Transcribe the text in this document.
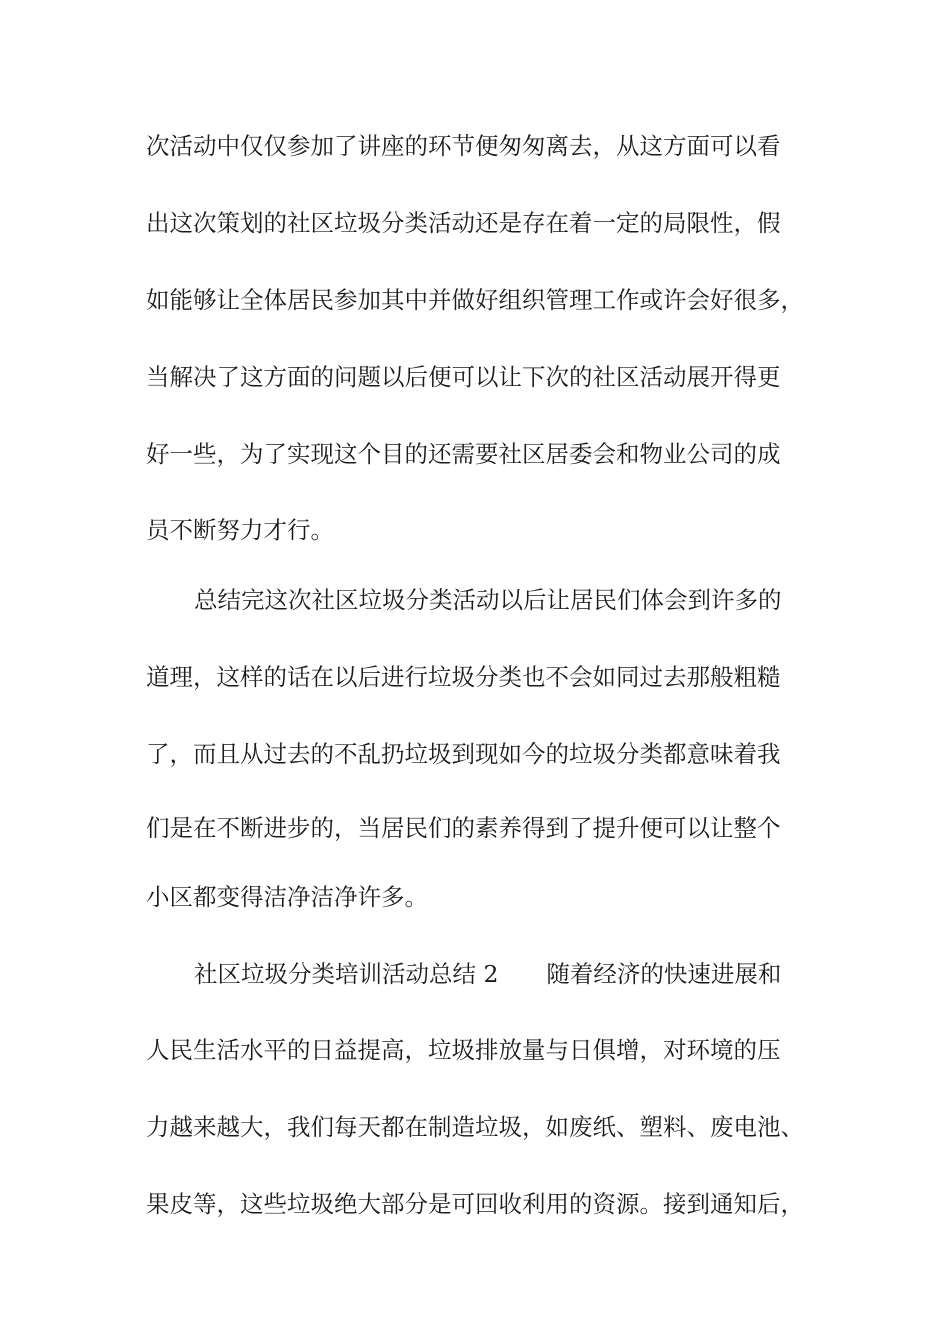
次活动中仅仅参加了讲座的环节便匆匆离去，从这方面可以看
出这次策划的社区垃圾分类活动还是存在着一定的局限性，假
如能够让全体居民参加其中并做好组织管理工作或许会好很多，
当解决了这方面的问题以后便可以让下次的社区活动展开得更
好一些，为了实现这个目的还需要社区居委会和物业公司的成
员不断努力才行。
总结完这次社区垃圾分类活动以后让居民们体会到许多的
道理，这样的话在以后进行垃圾分类也不会如同过去那般粗糙
了，而且从过去的不乱扔垃圾到现如今的垃圾分类都意味着我
们是在不断进步的，当居民们的素养得到了提升便可以让整个
小区都变得洁净洁净许多。
社区垃圾分类培训活动总结 2 随着经济的快速进展和
人民生活水平的日益提高，垃圾排放量与日俱增，对环境的压
力越来越大，我们每天都在制造垃圾，如废纸、塑料、废电池、
果皮等，这些垃圾绝大部分是可回收利用的资源。接到通知后，
